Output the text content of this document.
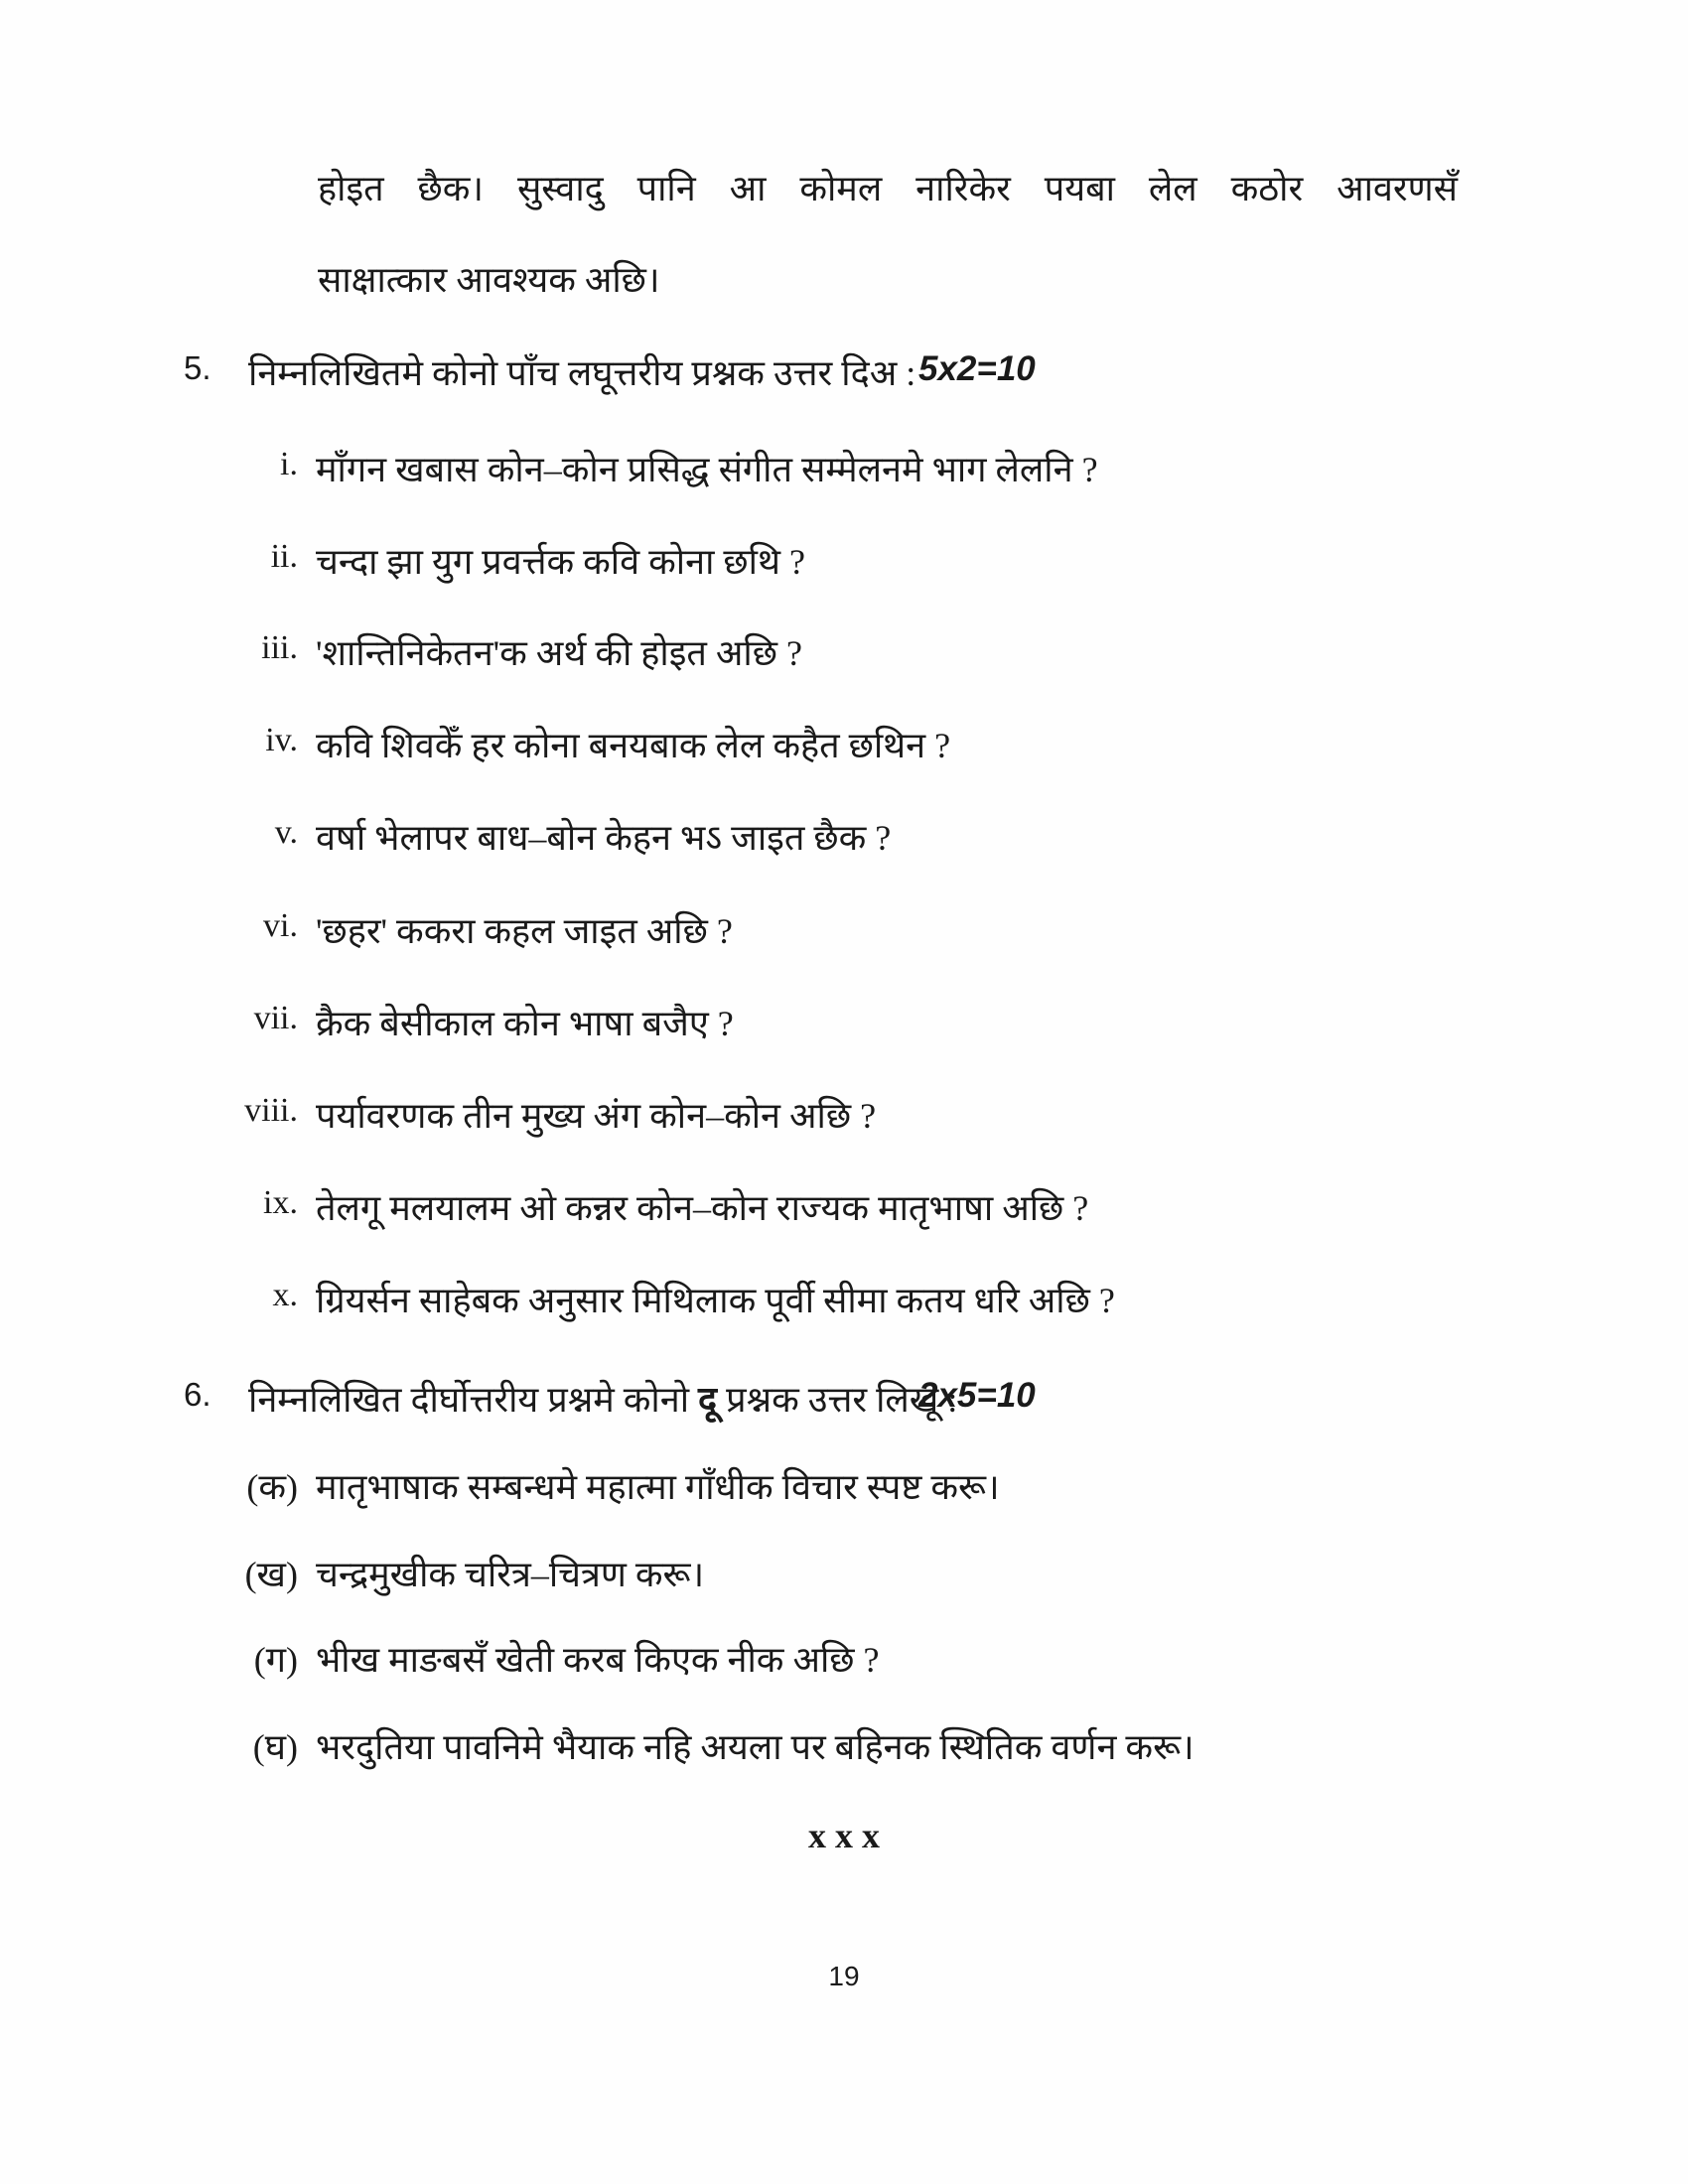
होइत छैक। सुस्वादु पानि आ कोमल नारिकेर पयबा लेल कठोर आवरणसँ
साक्षात्कार आवश्यक अछि।
5. निम्नलिखितमे कोनो पाँच लघूत्तरीय प्रश्नक उत्तर दिअ : 5x2=10
i. माँगन खबास कोन–कोन प्रसिद्ध संगीत सम्मेलनमे भाग लेलनि ?
ii. चन्दा झा युग प्रवर्त्तक कवि कोना छथि ?
iii. 'शान्तिनिकेतन'क अर्थ की होइत अछि ?
iv. कवि शिवकेँ हर कोना बनयबाक लेल कहैत छथिन ?
v. वर्षा भेलापर बाध–बोन केहन भऽ जाइत छैक ?
vi. 'छहर' ककरा कहल जाइत अछि ?
vii. क्रैक बेसीकाल कोन भाषा बजैए ?
viii. पर्यावरणक तीन मुख्य अंग कोन–कोन अछि ?
ix. तेलगू मलयालम ओ कन्नर कोन–कोन राज्यक मातृभाषा अछि ?
x. ग्रियर्सन साहेबक अनुसार मिथिलाक पूर्वी सीमा कतय धरि अछि ?
6. निम्नलिखित दीर्घोत्तरीय प्रश्नमे कोनो दू प्रश्नक उत्तर लिखू :
2x5=10
(क) मातृभाषाक सम्बन्धमे महात्मा गाँधीक विचार स्पष्ट करू।
(ख) चन्द्रमुखीक चरित्र–चित्रण करू।
(ग) भीख माङबसँ खेती करब किएक नीक अछि ?
(घ) भरदुतिया पावनिमे भैयाक नहि अयला पर बहिनक स्थितिक वर्णन करू।
x x x
19
